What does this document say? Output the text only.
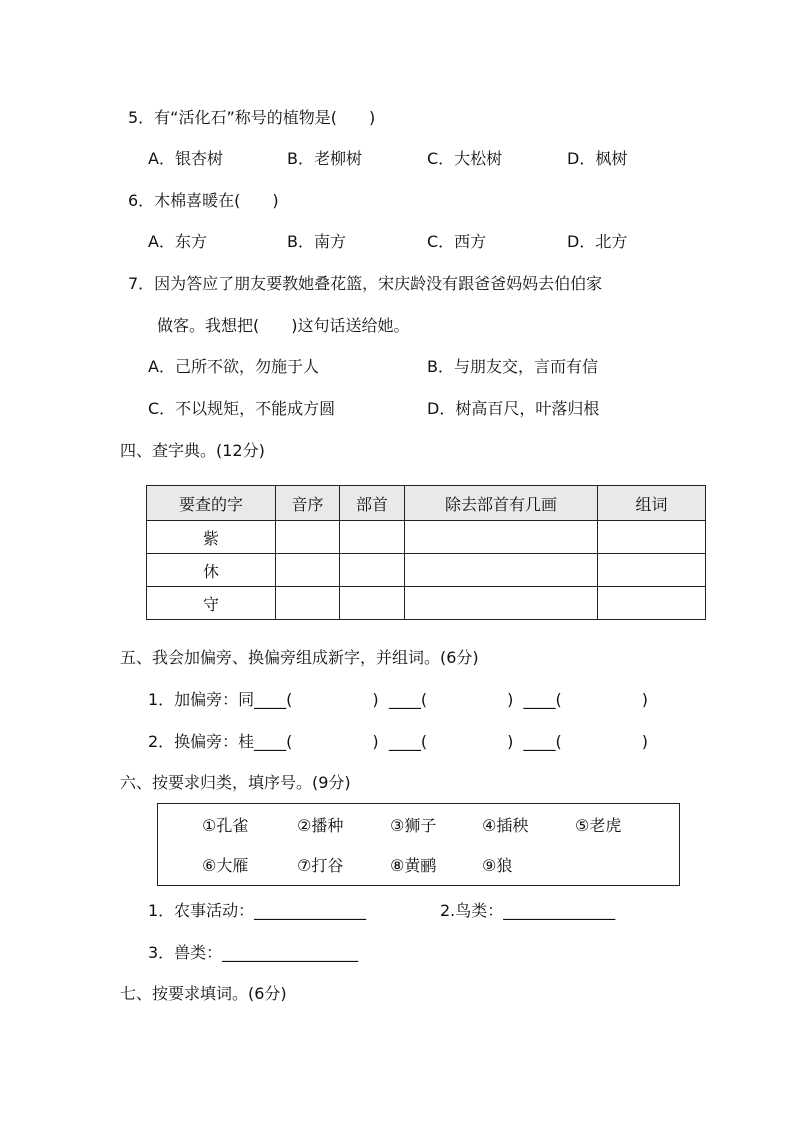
5．有“活化石”称号的植物是(　　)
A．银杏树	B．老柳树	C．大松树	D．枫树
6．木棉喜暖在(　　)
A．东方	B．南方	C．西方	D．北方
7．因为答应了朋友要教她叠花篮，宋庆龄没有跟爸爸妈妈去伯伯家
做客。我想把(　　)这句话送给她。
A．己所不欲，勿施于人	B．与朋友交，言而有信
C．不以规矩，不能成方圆	D．树高百尺，叶落归根
四、查字典。(12分)
要查的字	音序	部首	除去部首有几画	组词
紫				
休				
守				
五、我会加偏旁、换偏旁组成新字，并组词。(6分)
1．加偏旁：同____(　　　　　)  ____(　　　　　)  ____(　　　　　)
2．换偏旁：桂____(　　　　　)  ____(　　　　　)  ____(　　　　　)
六、按要求归类，填序号。(9分)
①孔雀	②播种	③狮子	④插秧	⑤老虎
⑥大雁	⑦打谷	⑧黄鹂	⑨狼
1．农事活动：______________	2.鸟类：______________
3．兽类：_________________
七、按要求填词。(6分)
